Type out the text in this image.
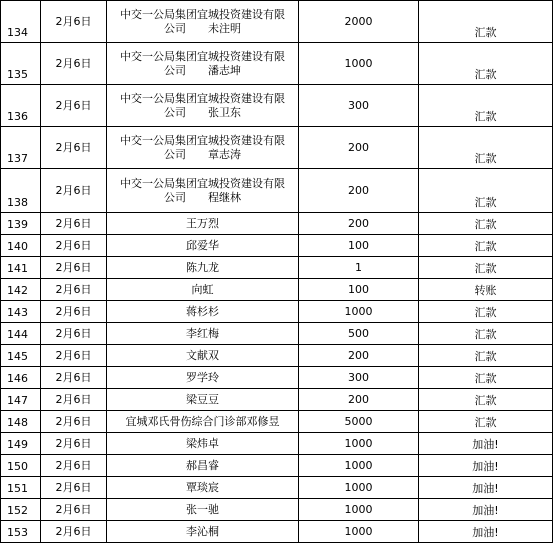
134	2月6日	中交一公局集团宜城投资建设有限
公司 未注明	2000	汇款
135	2月6日	中交一公局集团宜城投资建设有限
公司 潘志坤	1000	汇款
136	2月6日	中交一公局集团宜城投资建设有限
公司 张卫东	300	汇款
137	2月6日	中交一公局集团宜城投资建设有限
公司 章志涛	200	汇款
138	2月6日	中交一公局集团宜城投资建设有限
公司 程继林	200	汇款
139	2月6日	王万烈	200	汇款
140	2月6日	邱爱华	100	汇款
141	2月6日	陈九龙	1	汇款
142	2月6日	向虹	100	转账
143	2月6日	蒋杉杉	1000	汇款
144	2月6日	李红梅	500	汇款
145	2月6日	文献双	200	汇款
146	2月6日	罗学玲	300	汇款
147	2月6日	梁豆豆	200	汇款
148	2月6日	宜城邓氏骨伤综合门诊部邓修昱	5000	汇款
149	2月6日	梁炜卓	1000	加油!
150	2月6日	郝昌睿	1000	加油!
151	2月6日	覃琰宸	1000	加油!
152	2月6日	张一驰	1000	加油!
153	2月6日	李沁桐	1000	加油!
